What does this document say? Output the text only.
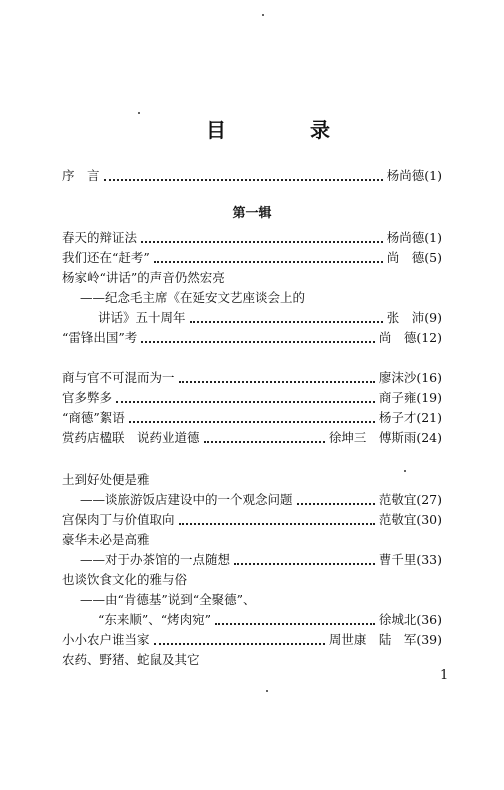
目　录
序　言	杨尚德 (1)
第一辑
春天的辩证法	杨尚德 (1)
我们还在“赶考”	尚　德 (5)
杨家岭“讲话”的声音仍然宏亮
——纪念毛主席《在延安文艺座谈会上的
讲话》五十周年	张　沛 (9)
“雷锋出国”考	尚　德 (12)
商与官不可混而为一	廖沫沙 (16)
官多弊多	商子雍 (19)
“商德”絮语	杨子才 (21)
赏药店楹联　说药业道德	徐坤三　傅斯雨 (24)
土到好处便是雅
——谈旅游饭店建设中的一个观念问题	范敬宜 (27)
宫保肉丁与价值取向	范敬宜 (30)
豪华未必是高雅
——对于办茶馆的一点随想	曹千里 (33)
也谈饮食文化的雅与俗
——由“肯德基”说到“全聚德”、
“东来顺”、“烤肉宛”	徐城北 (36)
小小农户谁当家	周世康　陆　军 (39)
农药、野猪、蛇鼠及其它
1
